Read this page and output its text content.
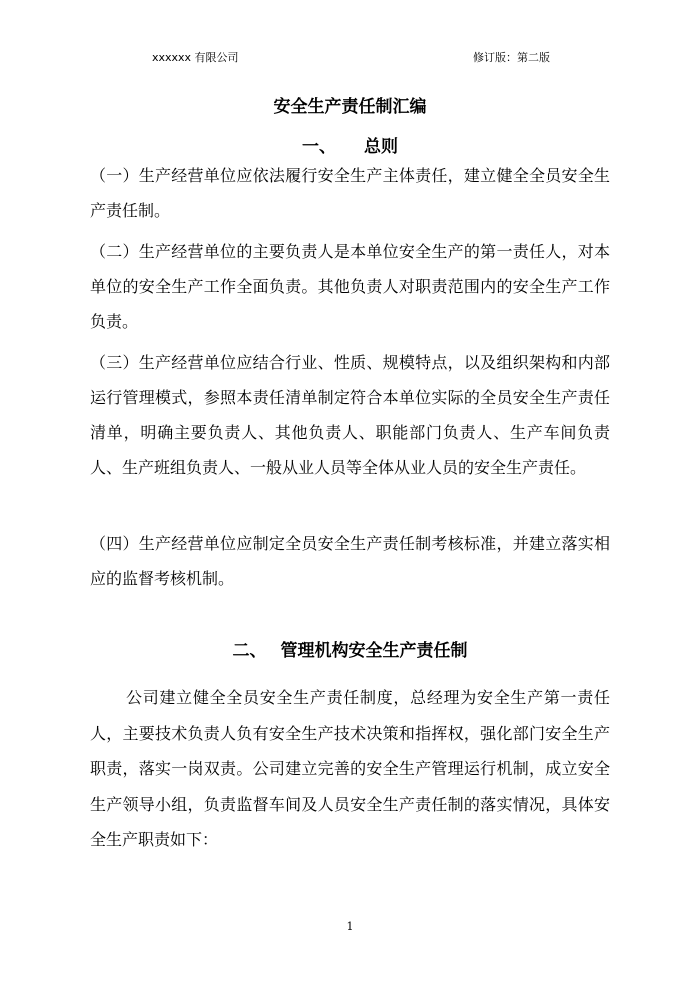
xxxxxx 有限公司	修订版：第二版
安全生产责任制汇编
一、 总则
（一）生产经营单位应依法履行安全生产主体责任，建立健全全员安全生产责任制。
（二）生产经营单位的主要负责人是本单位安全生产的第一责任人，对本单位的安全生产工作全面负责。其他负责人对职责范围内的安全生产工作负责。
（三）生产经营单位应结合行业、性质、规模特点，以及组织架构和内部运行管理模式，参照本责任清单制定符合本单位实际的全员安全生产责任清单，明确主要负责人、其他负责人、职能部门负责人、生产车间负责人、生产班组负责人、一般从业人员等全体从业人员的安全生产责任。
（四）生产经营单位应制定全员安全生产责任制考核标准，并建立落实相应的监督考核机制。
二、 管理机构安全生产责任制
公司建立健全全员安全生产责任制度，总经理为安全生产第一责任人，主要技术负责人负有安全生产技术决策和指挥权，强化部门安全生产职责，落实一岗双责。公司建立完善的安全生产管理运行机制，成立安全生产领导小组，负责监督车间及人员安全生产责任制的落实情况，具体安全生产职责如下：
1
